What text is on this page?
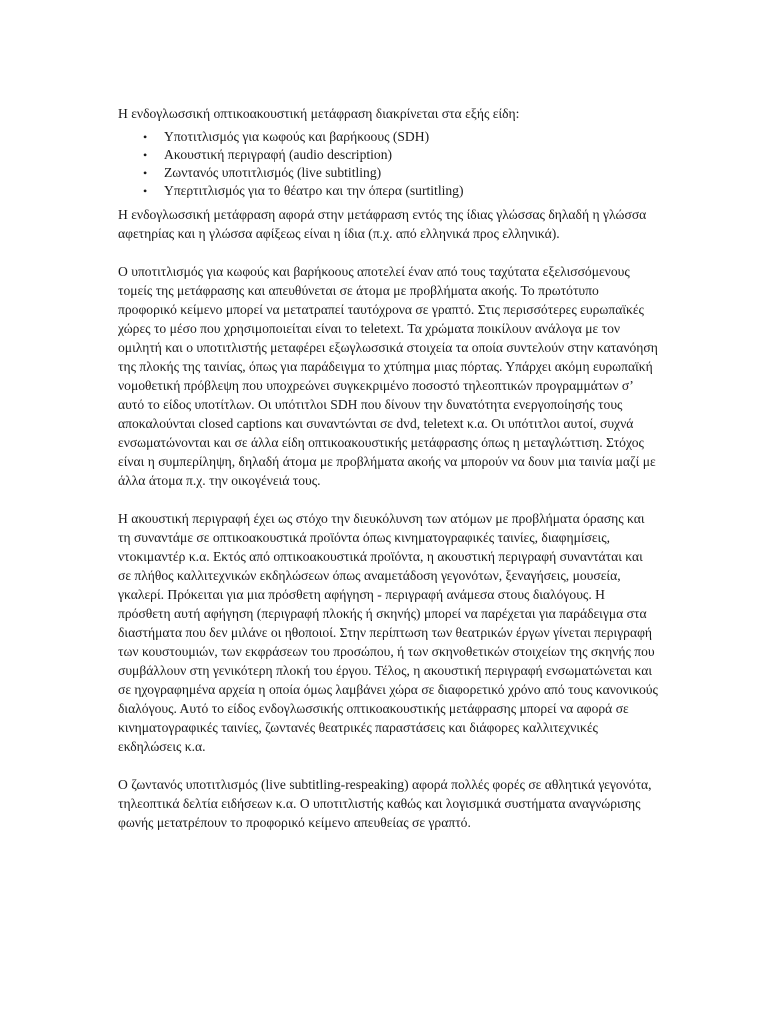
Η ενδογλωσσική οπτικοακουστική μετάφραση διακρίνεται στα εξής είδη:

• Υποτιτλισμός για κωφούς και βαρήκοους (SDH)
• Ακουστική περιγραφή (audio description)
• Ζωντανός υποτιτλισμός (live subtitling)
• Υπερτιτλισμός για το θέατρο και την όπερα (surtitling)

Η ενδογλωσσική μετάφραση αφορά στην μετάφραση εντός της ίδιας γλώσσας δηλαδή η γλώσσα αφετηρίας και η γλώσσα αφίξεως είναι η ίδια (π.χ. από ελληνικά προς ελληνικά).

Ο υποτιτλισμός για κωφούς και βαρήκοους αποτελεί έναν από τους ταχύτατα εξελισσόμενους τομείς της μετάφρασης και απευθύνεται σε άτομα με προβλήματα ακοής. Το πρωτότυπο προφορικό κείμενο μπορεί να μετατραπεί ταυτόχρονα σε γραπτό. Στις περισσότερες ευρωπαϊκές χώρες το μέσο που χρησιμοποιείται είναι το teletext. Τα χρώματα ποικίλουν ανάλογα με τον ομιλητή και ο υποτιτλιστής μεταφέρει εξωγλωσσικά στοιχεία τα οποία συντελούν στην κατανόηση της πλοκής της ταινίας, όπως για παράδειγμα το χτύπημα μιας πόρτας. Υπάρχει ακόμη ευρωπαϊκή νομοθετική πρόβλεψη που υποχρεώνει συγκεκριμένο ποσοστό τηλεοπτικών προγραμμάτων σ’ αυτό το είδος υποτίτλων. Οι υπότιτλοι SDH που δίνουν την δυνατότητα ενεργοποίησής τους αποκαλούνται closed captions και συναντώνται σε dvd, teletext κ.α. Οι υπότιτλοι αυτοί, συχνά ενσωματώνονται και σε άλλα είδη οπτικοακουστικής μετάφρασης όπως η μεταγλώττιση. Στόχος είναι η συμπερίληψη, δηλαδή άτομα με προβλήματα ακοής να μπορούν να δουν μια ταινία μαζί με άλλα άτομα π.χ. την οικογένειά τους.

Η ακουστική περιγραφή έχει ως στόχο την διευκόλυνση των ατόμων με προβλήματα όρασης και τη συναντάμε σε οπτικοακουστικά προϊόντα όπως κινηματογραφικές ταινίες, διαφημίσεις, ντοκιμαντέρ κ.α. Εκτός από οπτικοακουστικά προϊόντα, η ακουστική περιγραφή συναντάται και σε πλήθος καλλιτεχνικών εκδηλώσεων όπως αναμετάδοση γεγονότων, ξεναγήσεις, μουσεία, γκαλερί. Πρόκειται για μια πρόσθετη αφήγηση - περιγραφή ανάμεσα στους διαλόγους. Η πρόσθετη αυτή αφήγηση (περιγραφή πλοκής ή σκηνής) μπορεί να παρέχεται για παράδειγμα στα διαστήματα που δεν μιλάνε οι ηθοποιοί. Στην περίπτωση των θεατρικών έργων γίνεται περιγραφή των κουστουμιών, των εκφράσεων του προσώπου, ή των σκηνοθετικών στοιχείων της σκηνής που συμβάλλουν στη γενικότερη πλοκή του έργου. Τέλος, η ακουστική περιγραφή ενσωματώνεται και σε ηχογραφημένα αρχεία η οποία όμως λαμβάνει χώρα σε διαφορετικό χρόνο από τους κανονικούς διαλόγους. Αυτό το είδος ενδογλωσσικής οπτικοακουστικής μετάφρασης μπορεί να αφορά σε κινηματογραφικές ταινίες, ζωντανές θεατρικές παραστάσεις και διάφορες καλλιτεχνικές εκδηλώσεις κ.α.

Ο ζωντανός υποτιτλισμός (live subtitling-respeaking) αφορά πολλές φορές σε αθλητικά γεγονότα, τηλεοπτικά δελτία ειδήσεων κ.α. Ο υποτιτλιστής καθώς και λογισμικά συστήματα αναγνώρισης φωνής μετατρέπουν το προφορικό κείμενο απευθείας σε γραπτό.
